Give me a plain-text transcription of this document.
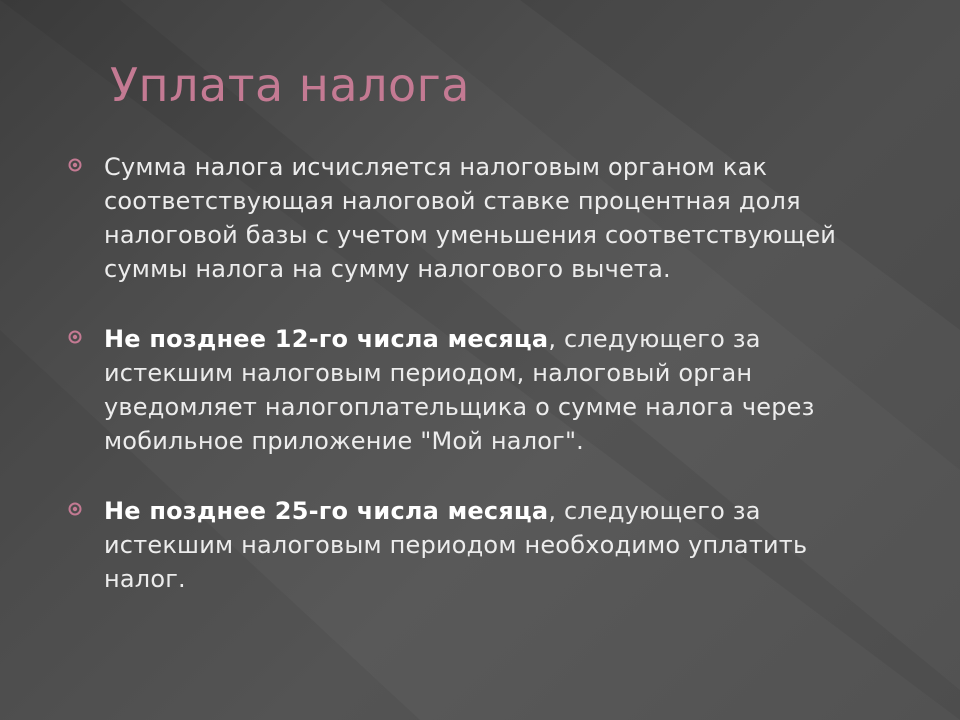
Уплата налога
Сумма налога исчисляется налоговым органом как соответствующая налоговой ставке процентная доля налоговой базы с учетом уменьшения соответствующей суммы налога на сумму налогового вычета.
Не позднее 12-го числа месяца, следующего за истекшим налоговым периодом, налоговый орган уведомляет налогоплательщика о сумме налога через мобильное приложение "Мой налог".
Не позднее 25-го числа месяца, следующего за истекшим налоговым периодом необходимо уплатить налог.
